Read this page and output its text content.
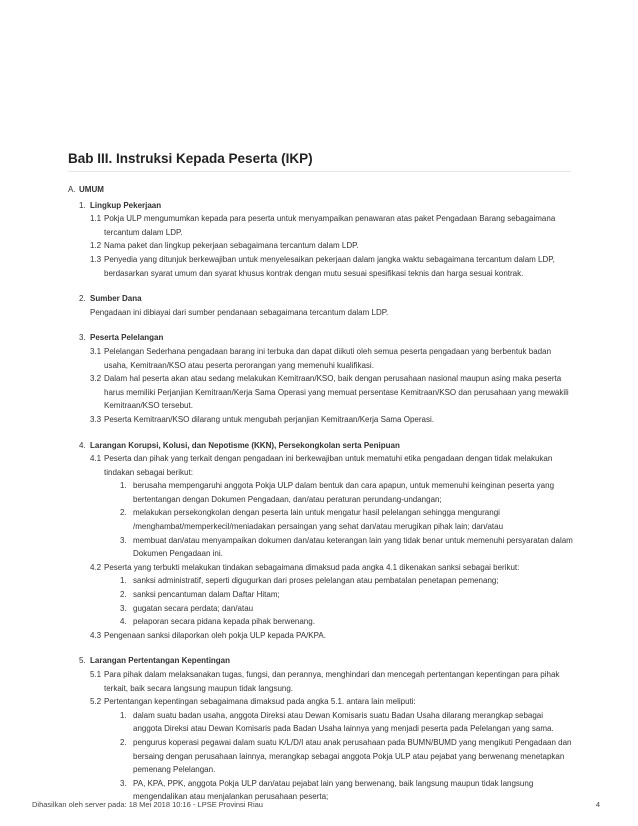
Bab III. Instruksi Kepada Peserta (IKP)
A. UMUM
1. Lingkup Pekerjaan
1.1 Pokja ULP mengumumkan kepada para peserta untuk menyampaikan penawaran atas paket Pengadaan Barang sebagaimana tercantum dalam LDP.
1.2 Nama paket dan lingkup pekerjaan sebagaimana tercantum dalam LDP.
1.3 Penyedia yang ditunjuk berkewajiban untuk menyelesaikan pekerjaan dalam jangka waktu sebagaimana tercantum dalam LDP, berdasarkan syarat umum dan syarat khusus kontrak dengan mutu sesuai spesifikasi teknis dan harga sesuai kontrak.
2. Sumber Dana
Pengadaan ini dibiayai dari sumber pendanaan sebagaimana tercantum dalam LDP.
3. Peserta Pelelangan
3.1 Pelelangan Sederhana pengadaan barang ini terbuka dan dapat diikuti oleh semua peserta pengadaan yang berbentuk badan usaha, Kemitraan/KSO atau peserta perorangan yang memenuhi kualifikasi.
3.2 Dalam hal peserta akan atau sedang melakukan Kemitraan/KSO, baik dengan perusahaan nasional maupun asing maka peserta harus memiliki Perjanjian Kemitraan/Kerja Sama Operasi yang memuat persentase Kemitraan/KSO dan perusahaan yang mewakili Kemitraan/KSO tersebut.
3.3 Peserta Kemitraan/KSO dilarang untuk mengubah perjanjian Kemitraan/Kerja Sama Operasi.
4. Larangan Korupsi, Kolusi, dan Nepotisme (KKN), Persekongkolan serta Penipuan
4.1 Peserta dan pihak yang terkait dengan pengadaan ini berkewajiban untuk mematuhi etika pengadaan dengan tidak melakukan tindakan sebagai berikut:
1. berusaha mempengaruhi anggota Pokja ULP dalam bentuk dan cara apapun, untuk memenuhi keinginan peserta yang bertentangan dengan Dokumen Pengadaan, dan/atau peraturan perundang-undangan;
2. melakukan persekongkolan dengan peserta lain untuk mengatur hasil pelelangan sehingga mengurangi /menghambat/memperkecil/meniadakan persaingan yang sehat dan/atau merugikan pihak lain; dan/atau
3. membuat dan/atau menyampaikan dokumen dan/atau keterangan lain yang tidak benar untuk memenuhi persyaratan dalam Dokumen Pengadaan ini.
4.2 Peserta yang terbukti melakukan tindakan sebagaimana dimaksud pada angka 4.1 dikenakan sanksi sebagai berikut:
1. sanksi administratif, seperti digugurkan dari proses pelelangan atau pembatalan penetapan pemenang;
2. sanksi pencantuman dalam Daftar Hitam;
3. gugatan secara perdata; dan/atau
4. pelaporan secara pidana kepada pihak berwenang.
4.3 Pengenaan sanksi dilaporkan oleh pokja ULP kepada PA/KPA.
5. Larangan Pertentangan Kepentingan
5.1 Para pihak dalam melaksanakan tugas, fungsi, dan perannya, menghindari dan mencegah pertentangan kepentingan para pihak terkait, baik secara langsung maupun tidak langsung.
5.2 Pertentangan kepentingan sebagaimana dimaksud pada angka 5.1. antara lain meliputi:
1. dalam suatu badan usaha, anggota Direksi atau Dewan Komisaris suatu Badan Usaha dilarang merangkap sebagai anggota Direksi atau Dewan Komisaris pada Badan Usaha lainnya yang menjadi peserta pada Pelelangan yang sama.
2. pengurus koperasi pegawai dalam suatu K/L/D/I atau anak perusahaan pada BUMN/BUMD yang mengikuti Pengadaan dan bersaing dengan perusahaan lainnya, merangkap sebagai anggota Pokja ULP atau pejabat yang berwenang menetapkan pemenang Pelelangan.
3. PA, KPA, PPK, anggota Pokja ULP dan/atau pejabat lain yang berwenang, baik langsung maupun tidak langsung mengendalikan atau menjalankan perusahaan peserta;
Dihasilkan oleh server pada: 18 Mei 2018 10:16 - LPSE Provinsi Riau	4
